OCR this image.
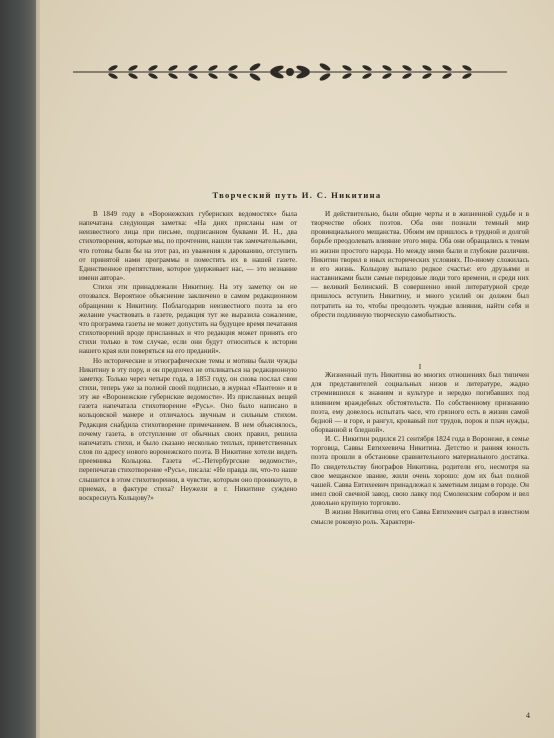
Творческий путь И. С. Никитина

В 1849 году в «Воронежских губернских ведомостях» была напечатана следующая заметка: «На днях присланы нам от неизвестного лица при письме, подписанном буквами И. Н., два стихотворения, которые мы, по прочтении, нашли так замечательными, что готовы были бы на этот раз, из уважения к дарованию, отступить от принятой нами программы и поместить их в нашей газете. Единственное препятствие, которое удерживает нас, — это незнание имени автора».

Стихи эти принадлежали Никитину. На эту заметку он не отозвался. Вероятное объяснение заключено в самом редакционном обращении к Никитину. Поблагодарив неизвестного поэта за его желание участвовать в газете, редакция тут же выразила сожаление, что программа газеты не может допустить на будущее время печатания стихотворений вроде присланных и что редакция может принять его стихи только в том случае, если они будут относиться к истории нашего края или поверяться на его преданий».

Но исторические и этнографические темы и мотивы были чужды Никитину в эту пору, и он предпочел не откликаться на редакционную заметку. Только через четыре года, в 1853 году, он снова послал свои стихи, теперь уже за полной своей подписью, в журнал «Пантеон» и в эту же «Воронежские губернские ведомости». Из присланных вещей газета напечатала стихотворение «Русь». Оно было написано в кольцовской манере и отличалось звучным и сильным стихом. Редакция снабдила стихотворение примечанием. В нем объяснялось, почему газета, в отступление от обычных своих правил, решила напечатать стихи, и было сказано несколько теплых, приветственных слов по адресу нового воронежского поэта. В Никитине хотели видеть преемника Кольцова. Газета «С.-Петербургские ведомости», перепечатав стихотворение «Русь», писала: «Не правда ли, что-то наше слышится в этом стихотворении, в чувстве, которым оно проникнуто, в приемах, в фактуре стиха? Неужели в г. Никитине суждено воскреснуть Кольцову?»

И действительно, были общие черты и в жизненной судьбе и в творчестве обоих поэтов. Оба они познали темный мир провинциального мещанства. Обоим им пришлось в трудной и долгой борьбе преодолевать влияние этого мира. Оба они обращались к темам из жизни простого народа. Но между ними были и глубокие различия. Никитин творил в иных исторических условиях. По-иному сложилась и его жизнь. Кольцову выпало редкое счастье: его друзьями и наставниками были самые передовые люди того времени, и среди них — великий Белинский. В совершенно иной литературной среде пришлось вступить Никитину, и много усилий он должен был потратить на то, чтобы преодолеть чуждые влияния, найти себя и обрести подлинную творческую самобытность.

I

Жизненный путь Никитина во многих отношениях был типичен для представителей социальных низов и литературе, жадно стремившихся к знаниям и культуре и нередко погибавших под влиянием враждебных обстоятельств. По собственному признанию поэта, ему довелось испытать часе, что грязного есть в жизни самой бедной — и горе, и рангул, кровавый пот трудов, порок и плач нужды, оборванной и бледной».

И. С. Никитин родился 21 сентября 1824 года в Воронеже, в семье торговца, Саввы Евтихеевича Никитина. Детство и ранняя юность поэта прошли в обстановке сравнительного материального достатка. По свидетельству биографов Никитина, родители его, несмотря на свое мещанское звание, жили очень хорошо: дом их был полной чашей. Савва Евтихеевич принадлежал к заметным лицам в городе. Он имел свой свечной завод, свою лавку под Смоленским собором и вел довольно крупную торговлю.

В жизни Никитина отец его Савва Евтихеевич сыграл в известном смысле роковую роль. Характери-

4
